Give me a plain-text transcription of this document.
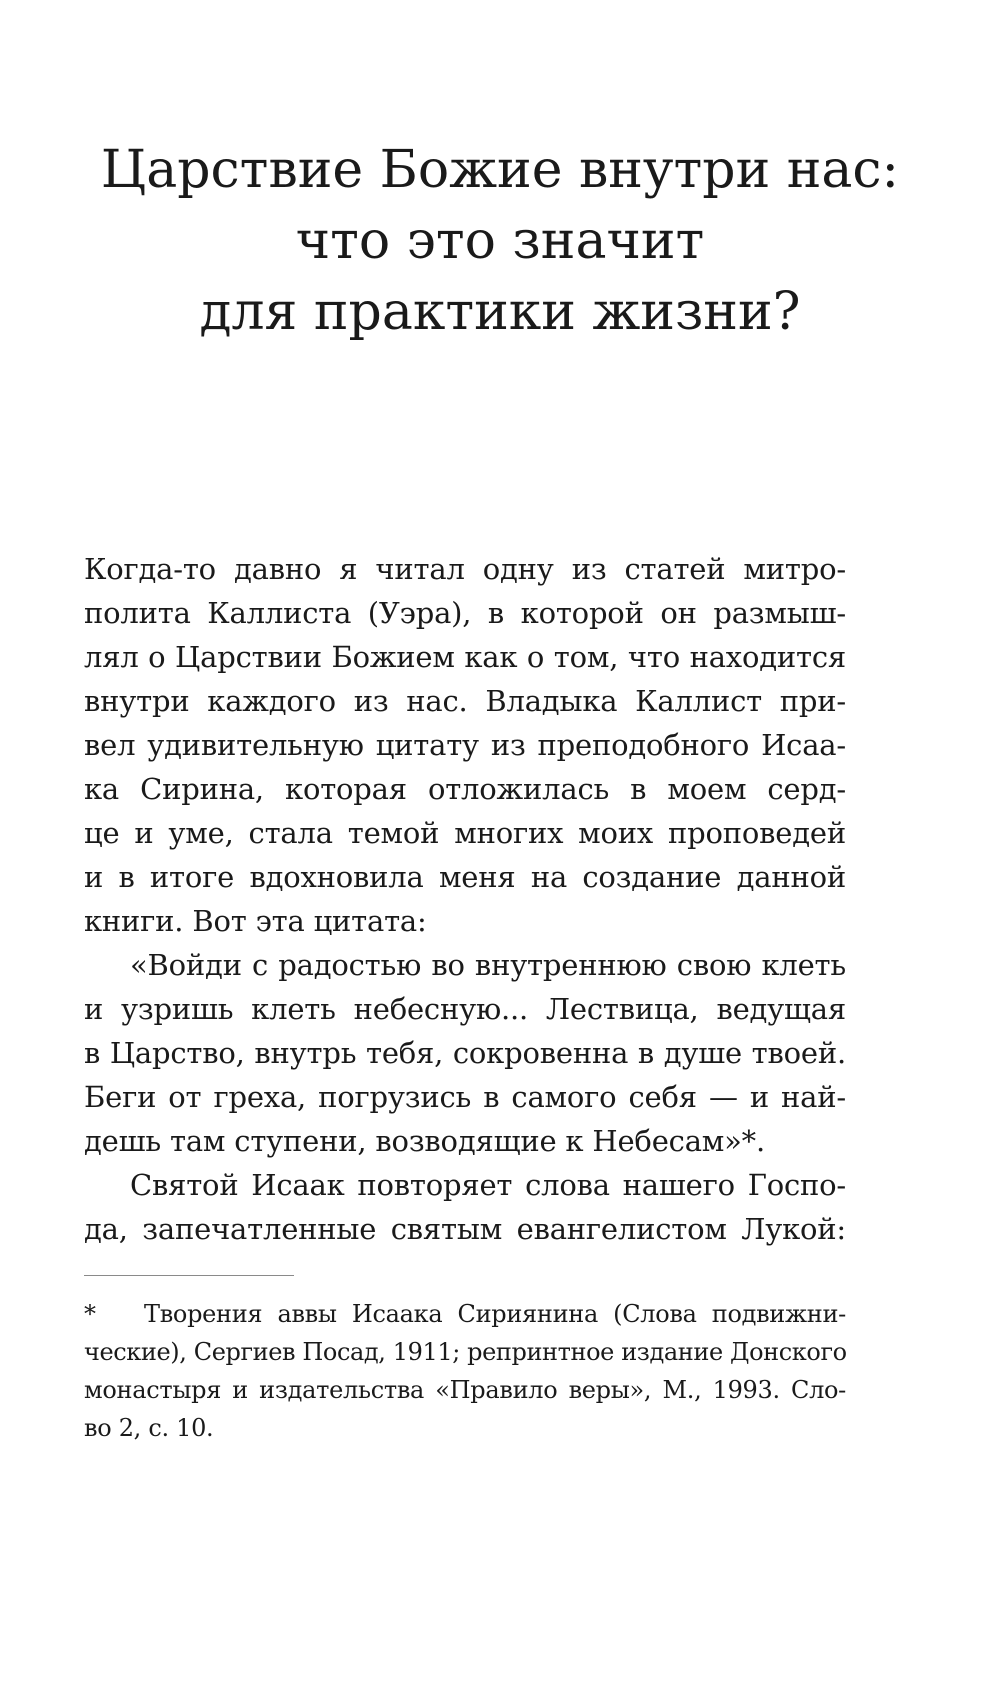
Царствие Божие внутри нас:
что это значит
для практики жизни?
Когда-то давно я читал одну из статей митро-
полита Каллиста (Уэра), в которой он размыш-
лял о Царствии Божием как о том, что находится
внутри каждого из нас. Владыка Каллист при-
вел удивительную цитату из преподобного Исаа-
ка Сирина, которая отложилась в моем серд-
це и уме, стала темой многих моих проповедей
и в итоге вдохновила меня на создание данной
книги. Вот эта цитата:
«Войди с радостью во внутреннюю свою клеть
и узришь клеть небесную... Лествица, ведущая
в Царство, внутрь тебя, сокровенна в душе твоей.
Беги от греха, погрузись в самого себя — и най-
дешь там ступени, возводящие к Небесам»*.
Святой Исаак повторяет слова нашего Госпо-
да, запечатленные святым евангелистом Лукой:
* Творения аввы Исаака Сириянина (Слова подвижни-
ческие), Сергиев Посад, 1911; репринтное издание Донского
монастыря и издательства «Правило веры», М., 1993. Сло-
во 2, с. 10.
